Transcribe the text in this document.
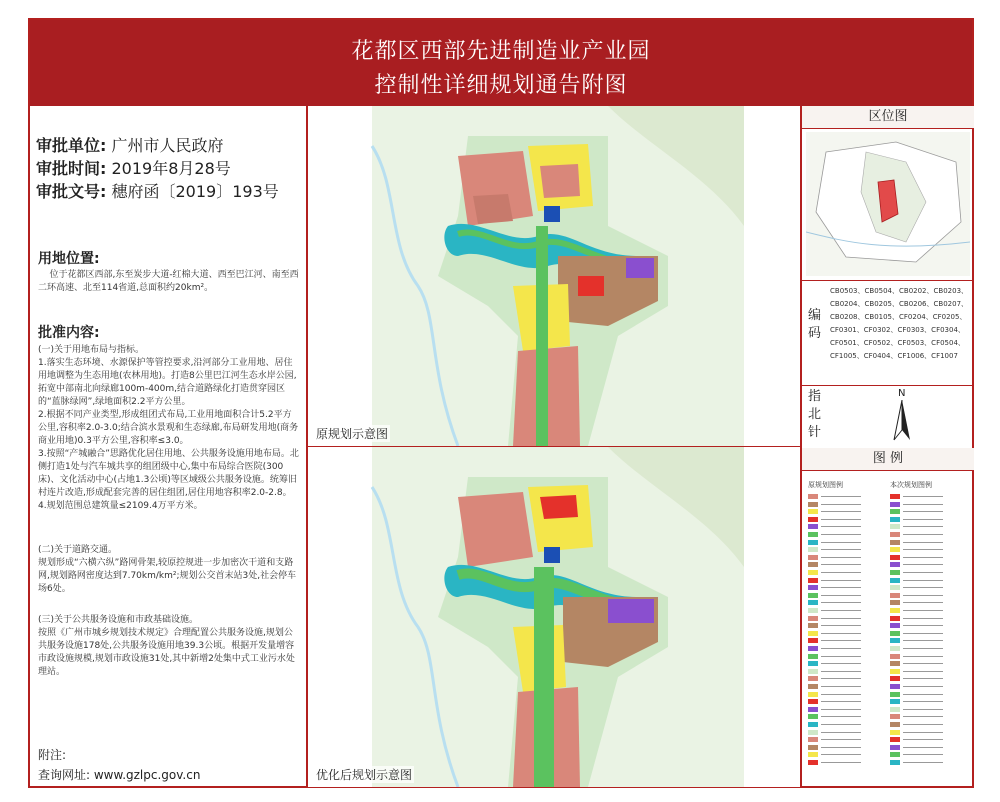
花都区西部先进制造业产业园
控制性详细规划通告附图
审批单位: 广州市人民政府
审批时间: 2019年8月28号
审批文号: 穗府函〔2019〕193号
用地位置:
位于花都区西部,东至炭步大道-红棉大道、西至巴江河、南至西二环高速、北至114省道,总面积约20km²。
批准内容:
(一)关于用地布局与指标。
1.落实生态环境、水源保护等管控要求,沿河部分工业用地、居住用地调整为生态用地(农林用地)。打造8公里巴江河生态水岸公园,拓宽中部南北向绿廊100m-400m,结合道路绿化打造贯穿园区的“蓝脉绿网”,绿地面积2.2平方公里。
2.根据不同产业类型,形成组团式布局,工业用地面积合计5.2平方公里,容积率2.0-3.0;结合滨水景观和生态绿廊,布局研发用地(商务商业用地)0.3平方公里,容积率≤3.0。
3.按照“产城融合”思路优化居住用地、公共服务设施用地布局。北侧打造1处与汽车城共享的组团级中心,集中布局综合医院(300床)、文化活动中心(占地1.3公顷)等区域级公共服务设施。统筹旧村连片改造,形成配套完善的居住组团,居住用地容积率2.0-2.8。
4.规划范围总建筑量≤2109.4万平方米。
(二)关于道路交通。
规划形成“六横六纵”路网骨架,较原控规进一步加密次干道和支路网,规划路网密度达到7.70km/km²;规划公交首末站3处,社会停车场6处。
(三)关于公共服务设施和市政基础设施。
按照《广州市城乡规划技术规定》合理配置公共服务设施,规划公共服务设施178处,公共服务设施用地39.3公顷。根据开发量增容市政设施规模,规划市政设施31处,其中新增2处集中式工业污水处理站。
附注:
查询网址: www.gzlpc.gov.cn
原规划示意图
优化后规划示意图
区位图
编码
CB0503、CB0504、CB0202、CB0203、CB0204、CB0205、CB0206、CB0207、CB0208、CB0105、CF0204、CF0205、CF0301、CF0302、CF0303、CF0304、CF0501、CF0502、CF0503、CF0504、CF1005、CF0404、CF1006、CF1007
指北针
N
图 例
原规划图例	本次规划图例
